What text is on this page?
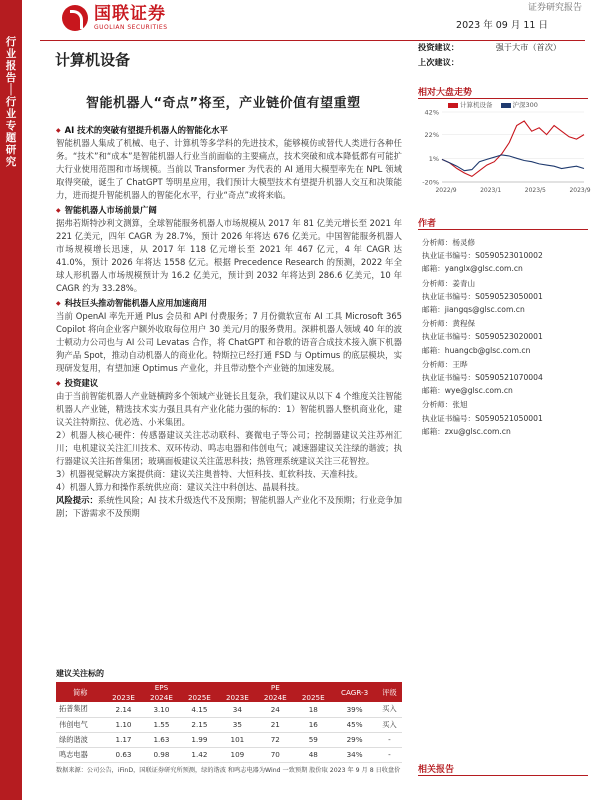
行业报告│行业专题研究
国联证券
GUOLIAN SECURITIES
证券研究报告
2023 年 09 月 11 日
计算机设备
智能机器人“奇点”将至，产业链价值有望重塑
投资建议：	强于大市（首次）
上次建议：
◆ AI 技术的突破有望提升机器人的智能化水平

智能机器人集成了机械、电子、计算机等多学科的先进技术，能够模仿或替代人类进行各种任务。“技术”和“成本”是智能机器人行业当前面临的主要痛点，技术突破和成本降低都有可能扩大行业使用范围和市场规模。当前以 Transformer 为代表的 AI 通用大模型率先在 NPL 领域取得突破，诞生了 ChatGPT 等明星应用，我们预计大模型技术有望提升机器人交互和决策能力，进而提升智能机器人的智能化水平，行业“奇点”或将来临。

◆ 智能机器人市场前景广阔

据弗若斯特沙利文测算，全球智能服务机器人市场规模从 2017 年 81 亿美元增长至 2021 年 221 亿美元，四年 CAGR 为 28.7%，预计 2026 年将达 676 亿美元。中国智能服务机器人市场规模增长迅速，从 2017 年 118 亿元增长至 2021 年 467 亿元，4 年 CAGR 达 41.0%，预计 2026 年将达 1558 亿元。根据 Precedence Research 的预测，2022 年全球人形机器人市场规模预计为 16.2 亿美元，预计到 2032 年将达到 286.6 亿美元，10 年 CAGR 约为 33.28%。

◆ 科技巨头推动智能机器人应用加速商用

当前 OpenAI 率先开通 Plus 会员和 API 付费服务；7 月份微软宣布 AI 工具 Microsoft 365 Copilot 将向企业客户额外收取每位用户 30 美元/月的服务费用。深耕机器人领域 40 年的波士顿动力公司也与 AI 公司 Levatas 合作，将 ChatGPT 和谷歌的语音合成技术接入旗下机器狗产品 Spot，推动自动机器人的商业化。特斯拉已经打通 FSD 与 Optimus 的底层模块，实现研发复用，有望加速 Optimus 产业化，并且带动整个产业链的加速发展。

◆ 投资建议

由于当前智能机器人产业链横跨多个领域产业链长且复杂，我们建议从以下 4 个维度关注智能机器人产业链，精选技术实力强且具有产业化能力强的标的：1）智能机器人整机商业化，建议关注特斯拉、优必选、小米集团。

2）机器人核心硬件：传感器建议关注芯动联科、赛微电子等公司；控制器建议关注苏州汇川；电机建议关注汇川技术、双环传动、鸣志电器和伟创电气；减速器建议关注绿的谐波；执行器建议关注拓普集团；玻璃面板建议关注蓝思科技；热管理系统建议关注三花智控。

3）机器视觉解决方案提供商：建议关注奥普特、大恒科技、虹软科技、天准科技。

4）机器人算力和操作系统供应商：建议关注中科创达、晶晨科技。

风险提示：系统性风险；AI 技术升级迭代不及预期；智能机器人产业化不及预期；行业竞争加剧；下游需求不及预期

建议关注标的
简称	EPS			PE			CAGR-3	评级
	2023E	2024E	2025E	2023E	2024E	2025E		
拓普集团	2.14	3.10	4.15	34	24	18	39%	买入
伟创电气	1.10	1.55	2.15	35	21	16	45%	买入
绿的谐波	1.17	1.63	1.99	101	72	59	29%	-
鸣志电器	0.63	0.98	1.42	109	70	48	34%	-
数据来源：公司公告，iFinD，国联证券研究所预测，绿的谐波 和鸣志电器为Wind 一致预期 股价取 2023 年 9 月 8 日收盘价
相对大盘走势
计算机设备	沪深300
42%
22%
1%
-20%
2022/9	2023/1	2023/5	2023/9
作者
分析师：杨灵修
执业证书编号：S0590523010002
邮箱：yanglx@glsc.com.cn
分析师：姜青山
执业证书编号：S0590523050001
邮箱：jiangqs@glsc.com.cn
分析师：黄程保
执业证书编号：S0590523020001
邮箱：huangcb@glsc.com.cn
分析师：王晔
执业证书编号：S0590521070004
邮箱：wye@glsc.com.cn
分析师：张旭
执业证书编号：S0590521050001
邮箱：zxu@glsc.com.cn
相关报告
